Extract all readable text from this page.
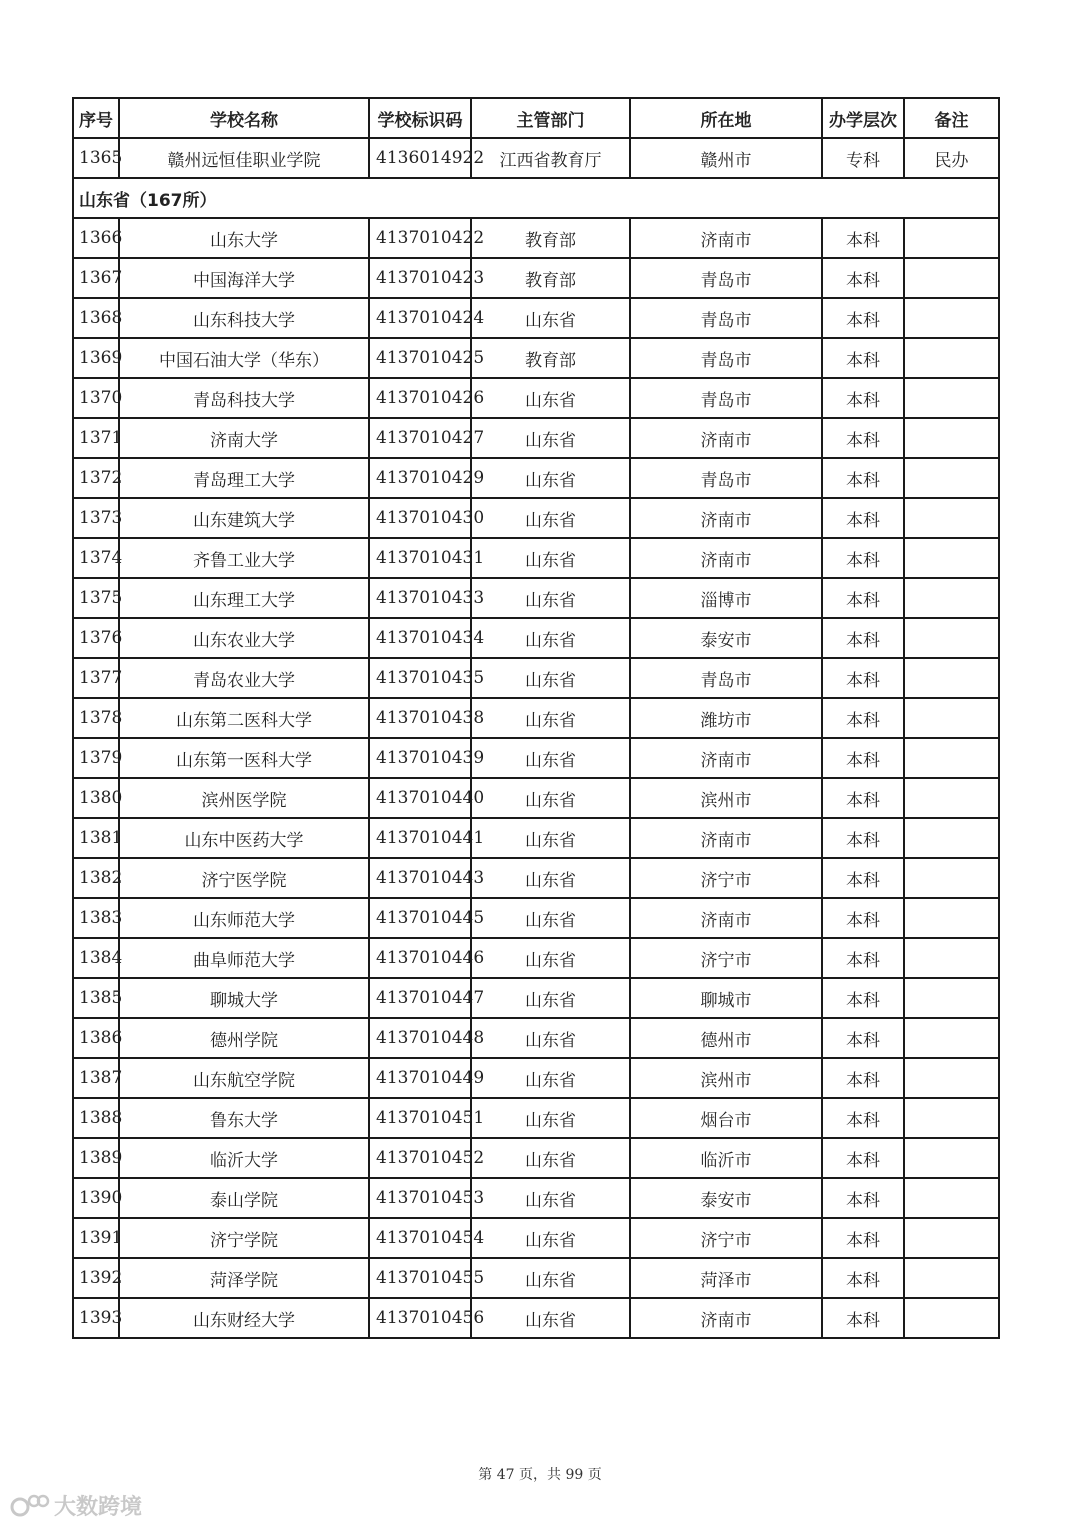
序号	学校名称	学校标识码	主管部门	所在地	办学层次	备注
1365	赣州远恒佳职业学院	4136014922	江西省教育厅	赣州市	专科	民办
山东省（167所）						
1366	山东大学	4137010422	教育部	济南市	本科	
1367	中国海洋大学	4137010423	教育部	青岛市	本科	
1368	山东科技大学	4137010424	山东省	青岛市	本科	
1369	中国石油大学（华东）	4137010425	教育部	青岛市	本科	
1370	青岛科技大学	4137010426	山东省	青岛市	本科	
1371	济南大学	4137010427	山东省	济南市	本科	
1372	青岛理工大学	4137010429	山东省	青岛市	本科	
1373	山东建筑大学	4137010430	山东省	济南市	本科	
1374	齐鲁工业大学	4137010431	山东省	济南市	本科	
1375	山东理工大学	4137010433	山东省	淄博市	本科	
1376	山东农业大学	4137010434	山东省	泰安市	本科	
1377	青岛农业大学	4137010435	山东省	青岛市	本科	
1378	山东第二医科大学	4137010438	山东省	潍坊市	本科	
1379	山东第一医科大学	4137010439	山东省	济南市	本科	
1380	滨州医学院	4137010440	山东省	滨州市	本科	
1381	山东中医药大学	4137010441	山东省	济南市	本科	
1382	济宁医学院	4137010443	山东省	济宁市	本科	
1383	山东师范大学	4137010445	山东省	济南市	本科	
1384	曲阜师范大学	4137010446	山东省	济宁市	本科	
1385	聊城大学	4137010447	山东省	聊城市	本科	
1386	德州学院	4137010448	山东省	德州市	本科	
1387	山东航空学院	4137010449	山东省	滨州市	本科	
1388	鲁东大学	4137010451	山东省	烟台市	本科	
1389	临沂大学	4137010452	山东省	临沂市	本科	
1390	泰山学院	4137010453	山东省	泰安市	本科	
1391	济宁学院	4137010454	山东省	济宁市	本科	
1392	菏泽学院	4137010455	山东省	菏泽市	本科	
1393	山东财经大学	4137010456	山东省	济南市	本科	
第 47 页，共 99 页
大数跨境
